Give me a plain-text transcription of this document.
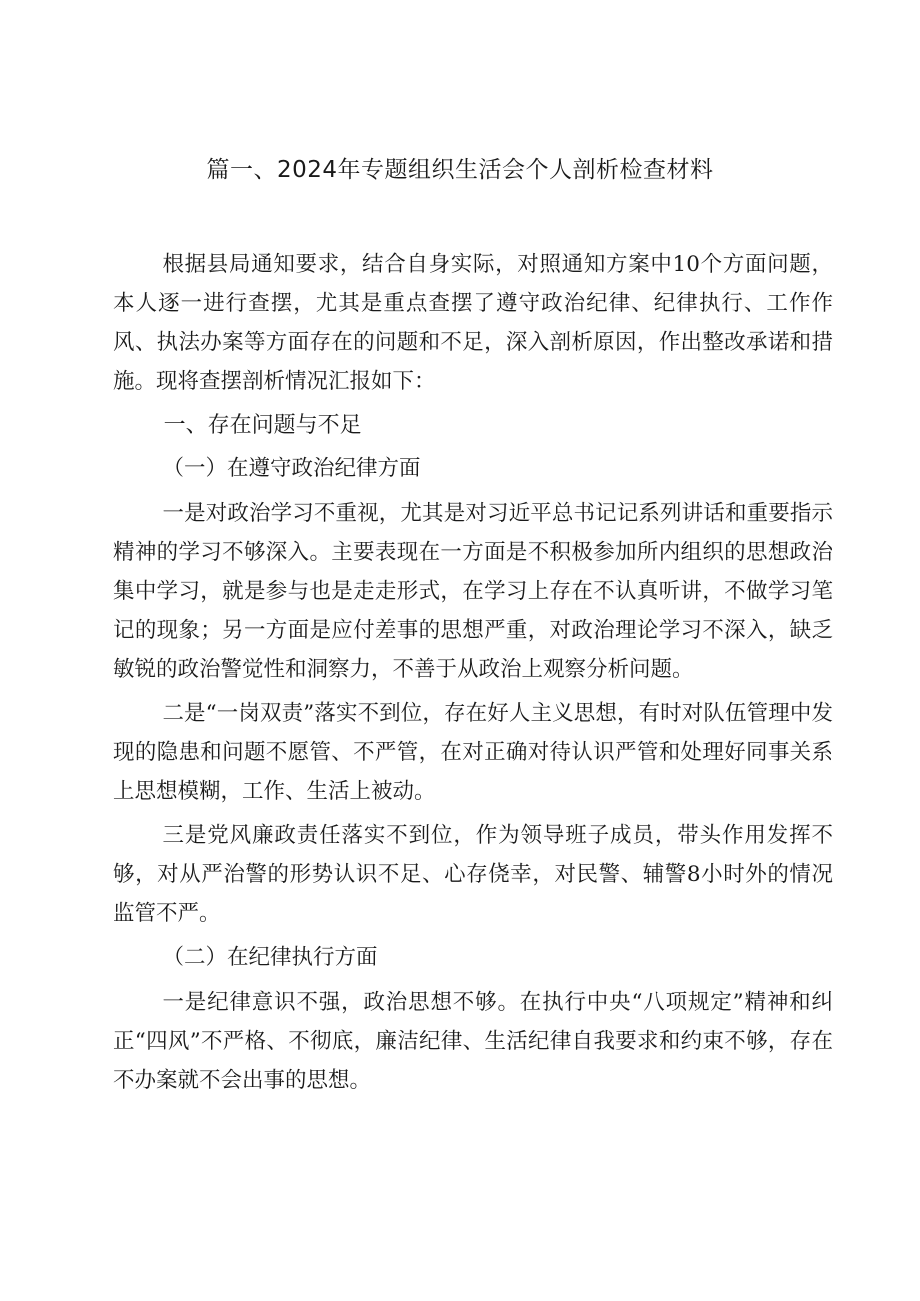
篇一、2024年专题组织生活会个人剖析检查材料

根据县局通知要求，结合自身实际，对照通知方案中10个方面问题，本人逐一进行查摆，尤其是重点查摆了遵守政治纪律、纪律执行、工作作风、执法办案等方面存在的问题和不足，深入剖析原因，作出整改承诺和措施。现将查摆剖析情况汇报如下：

一、存在问题与不足
（一）在遵守政治纪律方面

一是对政治学习不重视，尤其是对习近平总书记记系列讲话和重要指示精神的学习不够深入。主要表现在一方面是不积极参加所内组织的思想政治集中学习，就是参与也是走走形式，在学习上存在不认真听讲，不做学习笔记的现象；另一方面是应付差事的思想严重，对政治理论学习不深入，缺乏敏锐的政治警觉性和洞察力，不善于从政治上观察分析问题。

二是“一岗双责”落实不到位，存在好人主义思想，有时对队伍管理中发现的隐患和问题不愿管、不严管，在对正确对待认识严管和处理好同事关系上思想模糊，工作、生活上被动。

三是党风廉政责任落实不到位，作为领导班子成员，带头作用发挥不够，对从严治警的形势认识不足、心存侥幸，对民警、辅警8小时外的情况监管不严。

（二）在纪律执行方面

一是纪律意识不强，政治思想不够。在执行中央“八项规定”精神和纠正“四风”不严格、不彻底，廉洁纪律、生活纪律自我要求和约束不够，存在不办案就不会出事的思想。
